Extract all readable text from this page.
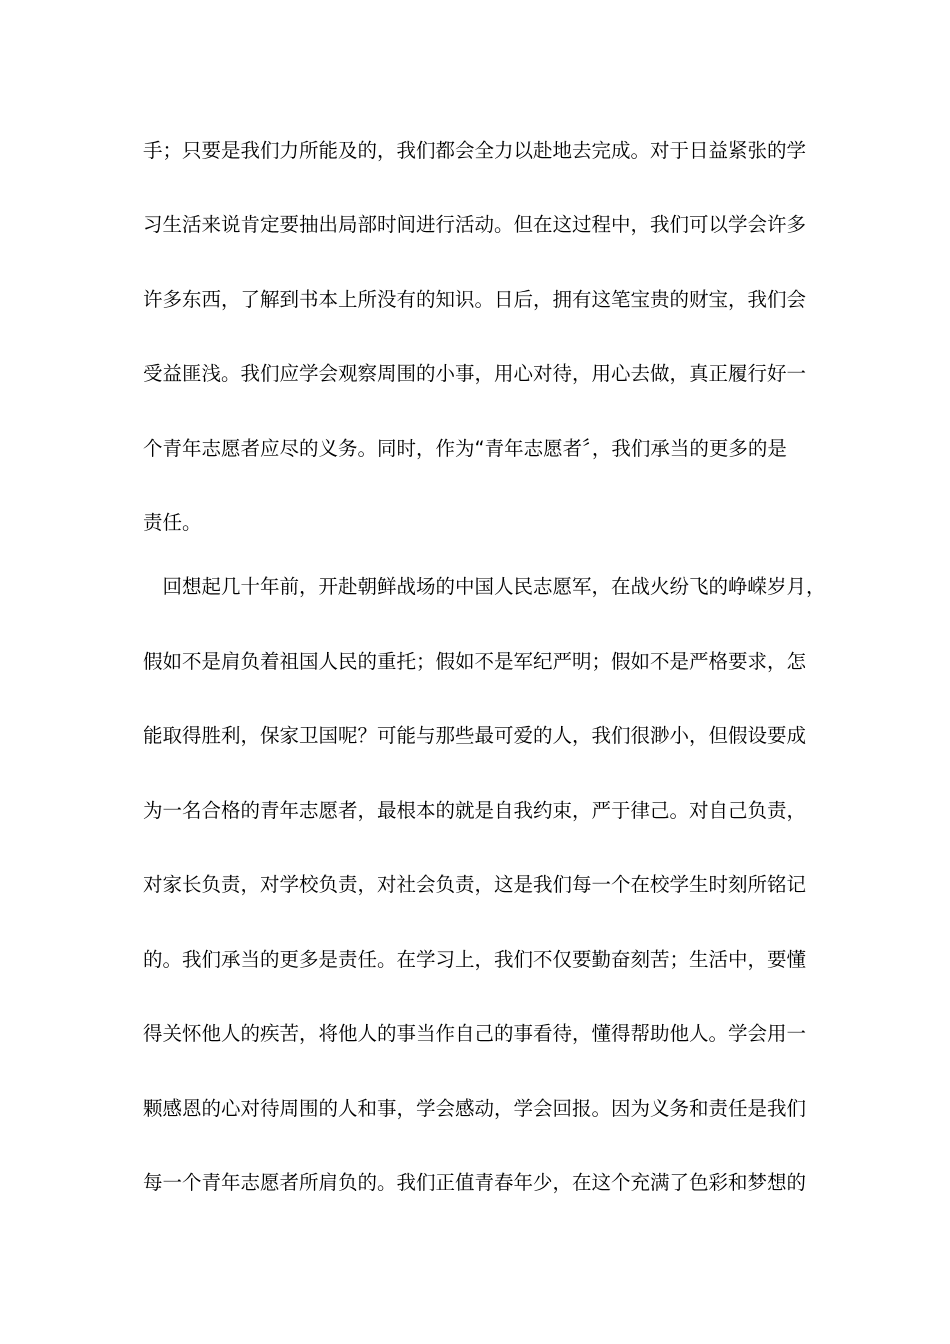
手；只要是我们力所能及的，我们都会全力以赴地去完成。对于日益紧张的学
习生活来说肯定要抽出局部时间进行活动。但在这过程中，我们可以学会许多
许多东西，了解到书本上所没有的知识。日后，拥有这笔宝贵的财宝，我们会
受益匪浅。我们应学会观察周围的小事，用心对待，用心去做，真正履行好一
个青年志愿者应尽的义务。同时，作为“青年志愿者〞，我们承当的更多的是
责任。
　回想起几十年前，开赴朝鲜战场的中国人民志愿军，在战火纷飞的峥嵘岁月，
假如不是肩负着祖国人民的重托；假如不是军纪严明；假如不是严格要求，怎
能取得胜利，保家卫国呢？可能与那些最可爱的人，我们很渺小，但假设要成
为一名合格的青年志愿者，最根本的就是自我约束，严于律己。对自己负责，
对家长负责，对学校负责，对社会负责，这是我们每一个在校学生时刻所铭记
的。我们承当的更多是责任。在学习上，我们不仅要勤奋刻苦；生活中，要懂
得关怀他人的疾苦，将他人的事当作自己的事看待，懂得帮助他人。学会用一
颗感恩的心对待周围的人和事，学会感动，学会回报。因为义务和责任是我们
每一个青年志愿者所肩负的。我们正值青春年少，在这个充满了色彩和梦想的
